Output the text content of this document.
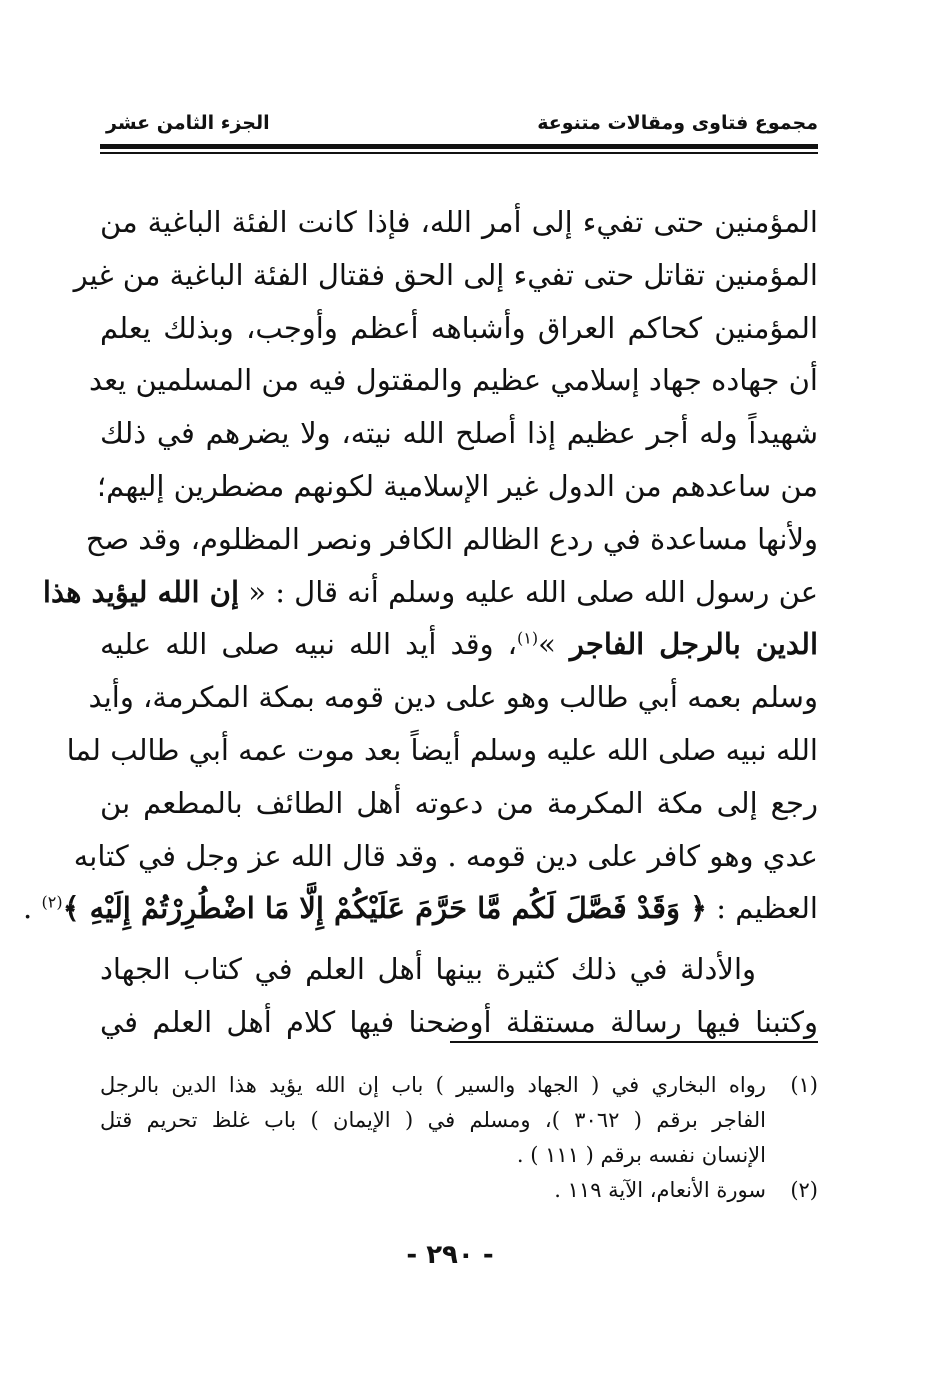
مجموع فتاوى ومقالات متنوعة
الجزء الثامن عشر
المؤمنين حتى تفيء إلى أمر الله، فإذا كانت الفئة الباغية من
المؤمنين تقاتل حتى تفيء إلى الحق فقتال الفئة الباغية من غير
المؤمنين كحاكم العراق وأشباهه أعظم وأوجب، وبذلك يعلم
أن جهاده جهاد إسلامي عظيم والمقتول فيه من المسلمين يعد
شهيداً وله أجر عظيم إذا أصلح الله نيته، ولا يضرهم في ذلك
من ساعدهم من الدول غير الإسلامية لكونهم مضطرين إليهم؛
ولأنها مساعدة في ردع الظالم الكافر ونصر المظلوم، وقد صح
عن رسول الله صلى الله عليه وسلم أنه قال : « إن الله ليؤيد هذا
الدين بالرجل الفاجر »$^{(١)}$، وقد أيد الله نبيه صلى الله عليه
وسلم بعمه أبي طالب وهو على دين قومه بمكة المكرمة، وأيد
الله نبيه صلى الله عليه وسلم أيضاً بعد موت عمه أبي طالب لما
رجع إلى مكة المكرمة من دعوته أهل الطائف بالمطعم بن
عدي وهو كافر على دين قومه . وقد قال الله عز وجل في كتابه
العظيم : ﴿ وَقَدْ فَصَّلَ لَكُم مَّا حَرَّمَ عَلَيْكُمْ إِلَّا مَا اضْطُرِرْتُمْ إِلَيْهِ ﴾$^{(٢)}$ .
والأدلة في ذلك كثيرة بينها أهل العلم في كتاب الجهاد
وكتبنا فيها رسالة مستقلة أوضحنا فيها كلام أهل العلم في
(١)
رواه البخاري في ( الجهاد والسير ) باب إن الله يؤيد هذا الدين بالرجل
الفاجر برقم ( ٣٠٦٢ )، ومسلم في ( الإيمان ) باب غلظ تحريم قتل
الإنسان نفسه برقم ( ١١١ ) .
(٢)
سورة الأنعام، الآية ١١٩ .
- ٢٩٠ -
